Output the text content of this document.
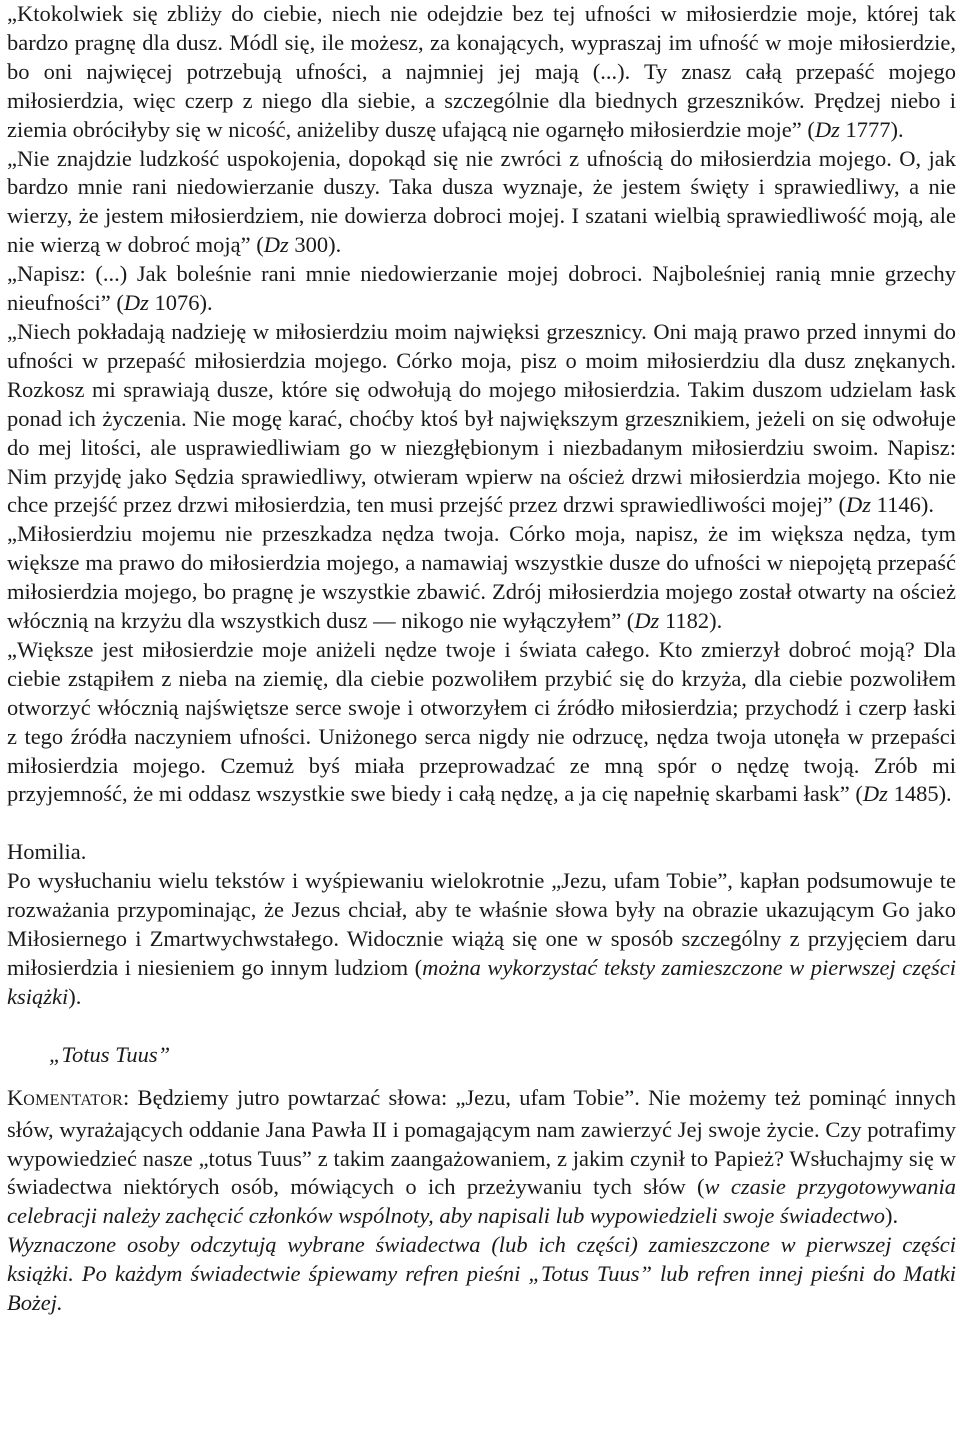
„Ktokolwiek się zbliży do ciebie, niech nie odejdzie bez tej ufności w miłosierdzie moje, której tak bardzo pragnę dla dusz. Módl się, ile możesz, za konających, wypraszaj im ufność w moje miłosierdzie, bo oni najwięcej potrzebują ufności, a najmniej jej mają (...). Ty znasz całą przepaść mojego miłosierdzia, więc czerp z niego dla siebie, a szczególnie dla biednych grzeszników. Prędzej niebo i ziemia obróciłyby się w nicość, aniżeliby duszę ufającą nie ogarnęło miłosierdzie moje” (Dz 1777).

„Nie znajdzie ludzkość uspokojenia, dopokąd się nie zwróci z ufnością do miłosierdzia mojego. O, jak bardzo mnie rani niedowierzanie duszy. Taka dusza wyznaje, że jestem święty i sprawiedliwy, a nie wierzy, że jestem miłosierdziem, nie dowierza dobroci mojej. I szatani wielbią sprawiedliwość moją, ale nie wierzą w dobroć moją” (Dz 300).

„Napisz: (...) Jak boleśnie rani mnie niedowierzanie mojej dobroci. Najboleśniej ranią mnie grzechy nieufności” (Dz 1076).

„Niech pokładają nadzieję w miłosierdziu moim najwięksi grzesznicy. Oni mają prawo przed innymi do ufności w przepaść miłosierdzia mojego. Córko moja, pisz o moim miłosierdziu dla dusz znękanych. Rozkosz mi sprawiają dusze, które się odwołują do mojego miłosierdzia. Takim duszom udzielam łask ponad ich życzenia. Nie mogę karać, choćby ktoś był największym grzesznikiem, jeżeli on się odwołuje do mej litości, ale usprawiedliwiam go w niezgłębionym i niezbadanym miłosierdziu swoim. Napisz: Nim przyjdę jako Sędzia sprawiedliwy, otwieram wpierw na oścież drzwi miłosierdzia mojego. Kto nie chce przejść przez drzwi miłosierdzia, ten musi przejść przez drzwi sprawiedliwości mojej” (Dz 1146).

„Miłosierdziu mojemu nie przeszkadza nędza twoja. Córko moja, napisz, że im większa nędza, tym większe ma prawo do miłosierdzia mojego, a namawiaj wszystkie dusze do ufności w niepojętą przepaść miłosierdzia mojego, bo pragnę je wszystkie zbawić. Zdrój miłosierdzia mojego został otwarty na oścież włócznią na krzyżu dla wszystkich dusz — nikogo nie wyłączyłem” (Dz 1182).

„Większe jest miłosierdzie moje aniżeli nędze twoje i świata całego. Kto zmierzył dobroć moją? Dla ciebie zstąpiłem z nieba na ziemię, dla ciebie pozwoliłem przybić się do krzyża, dla ciebie pozwoliłem otworzyć włócznią najświętsze serce swoje i otworzyłem ci źródło miłosierdzia; przychodź i czerp łaski z tego źródła naczyniem ufności. Uniżonego serca nigdy nie odrzucę, nędza twoja utonęła w przepaści miłosierdzia mojego. Czemuż byś miała przeprowadzać ze mną spór o nędzę twoją. Zrób mi przyjemność, że mi oddasz wszystkie swe biedy i całą nędzę, a ja cię napełnię skarbami łask” (Dz 1485).

Homilia.

Po wysłuchaniu wielu tekstów i wyśpiewaniu wielokrotnie „Jezu, ufam Tobie”, kapłan podsumowuje te rozważania przypominając, że Jezus chciał, aby te właśnie słowa były na obrazie ukazującym Go jako Miłosiernego i Zmartwychwstałego. Widocznie wiążą się one w sposób szczególny z przyjęciem daru miłosierdzia i niesieniem go innym ludziom (można wykorzystać teksty zamieszczone w pierwszej części książki).

„Totus Tuus”

KOMENTATOR: Będziemy jutro powtarzać słowa: „Jezu, ufam Tobie”. Nie możemy też pominąć innych słów, wyrażających oddanie Jana Pawła II i pomagającym nam zawierzyć Jej swoje życie. Czy potrafimy wypowiedzieć nasze „totus Tuus” z takim zaangażowaniem, z jakim czynił to Papież? Wsłuchajmy się w świadectwa niektórych osób, mówiących o ich przeżywaniu tych słów (w czasie przygotowywania celebracji należy zachęcić członków wspólnoty, aby napisali lub wypowiedzieli swoje świadectwo).

Wyznaczone osoby odczytują wybrane świadectwa (lub ich części) zamieszczone w pierwszej części książki. Po każdym świadectwie śpiewamy refren pieśni „Totus Tuus” lub refren innej pieśni do Matki Bożej.
